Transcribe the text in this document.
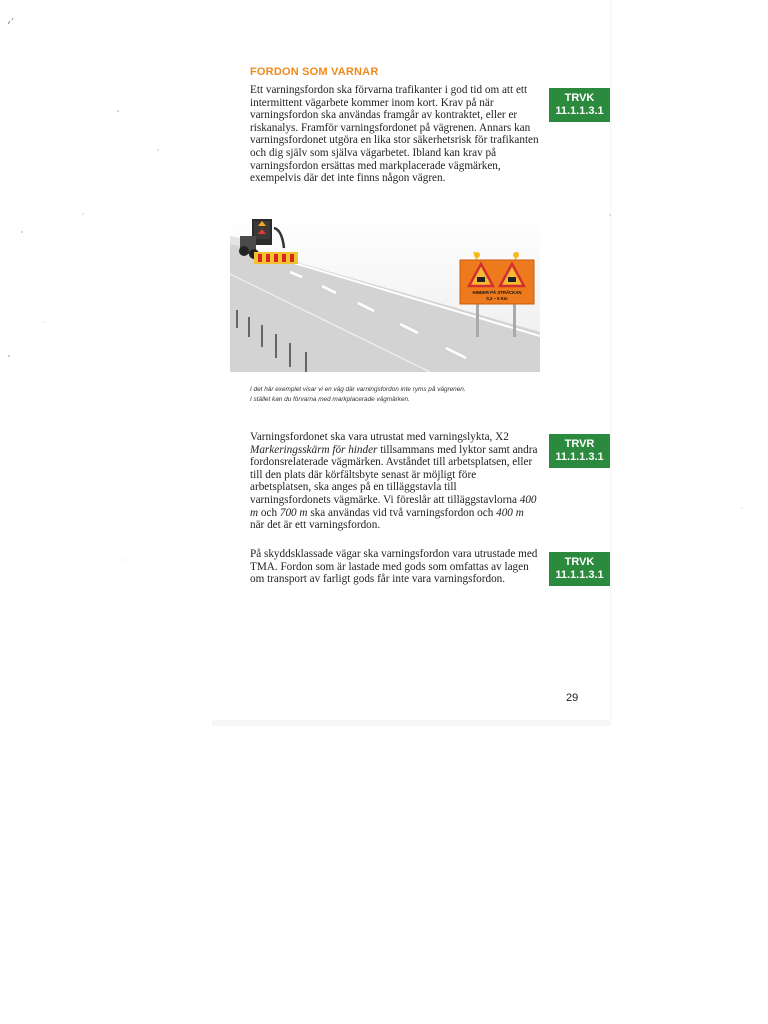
FORDON SOM VARNAR

Ett varningsfordon ska förvarna trafikanter i god tid om att ett intermittent vägarbete kommer inom kort. Krav på när varningsfordon ska användas framgår av kontraktet, eller er riskanalys. Framför varningsfordonet på vägrenen. Annars kan varningsfordonet utgöra en lika stor säkerhetsrisk för trafikanten och dig själv som själva vägarbetet. Ibland kan krav på varningsfordon ersättas med markplacerade vägmärken, exempelvis där det inte finns någon vägren.

TRVK
11.1.1.3.1
HINDER PÅ STRÄCKAN
0,2 – 5 Km
I det här exemplet visar vi en väg där varningsfordon inte ryms på vägrenen.
I stället kan du förvarna med markplacerade vägmärken.

Varningsfordonet ska vara utrustat med varningslykta, X2 Markeringsskärm för hinder tillsammans med lyktor samt andra fordonsrelaterade vägmärken. Avståndet till arbetsplatsen, eller till den plats där körfältsbyte senast är möjligt före arbetsplatsen, ska anges på en tilläggstavla till varningsfordonets vägmärke. Vi föreslår att tilläggstavlorna 400 m och 700 m ska användas vid två varningsfordon och 400 m när det är ett varningsfordon.

TRVR
11.1.1.3.1

På skyddsklassade vägar ska varningsfordon vara utrustade med TMA. Fordon som är lastade med gods som omfattas av lagen om transport av farligt gods får inte vara varningsfordon.

TRVK
11.1.1.3.1
29
